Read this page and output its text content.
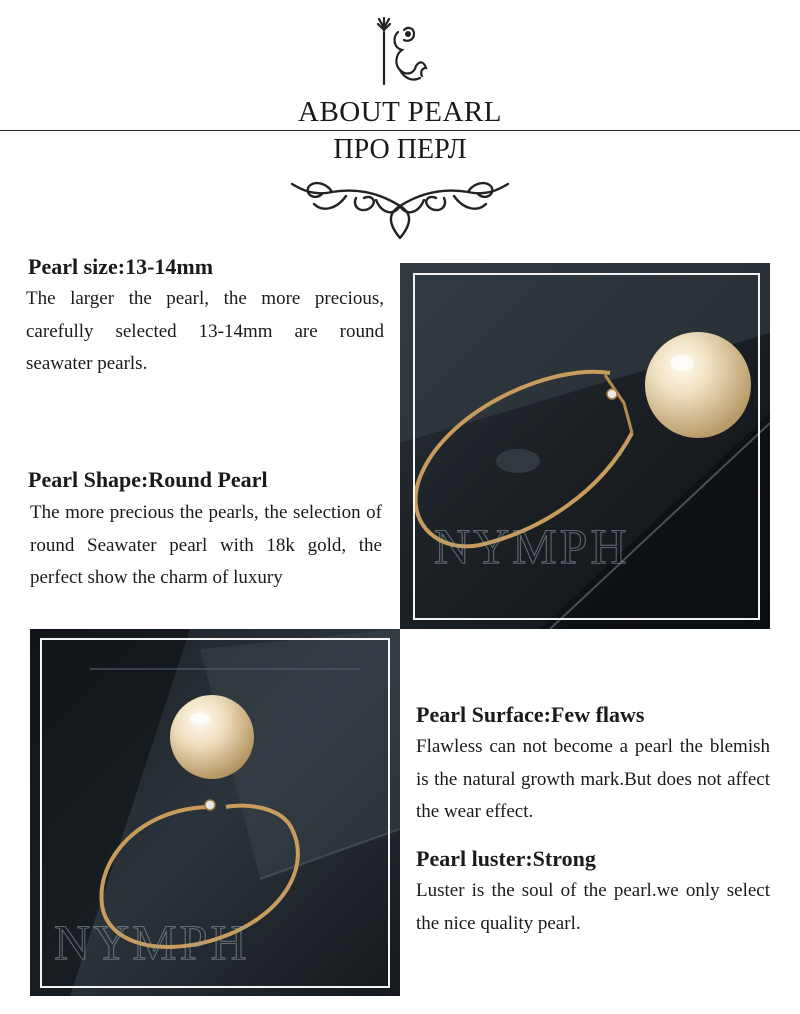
ABOUT PEARL
ПРО ПЕРЛ
Pearl size:13-14mm
The larger the pearl, the more precious, carefully selected 13-14mm are round seawater pearls.
Pearl Shape:Round Pearl
The more precious the pearls, the selection of round Seawater pearl with 18k gold, the perfect show the charm of luxury
NYMPH
NYMPH
Pearl Surface:Few flaws
Flawless can not become a pearl the blemish is the natural growth mark.But does not affect the wear effect.
Pearl luster:Strong
Luster is the soul of the pearl.we only select the nice quality pearl.
